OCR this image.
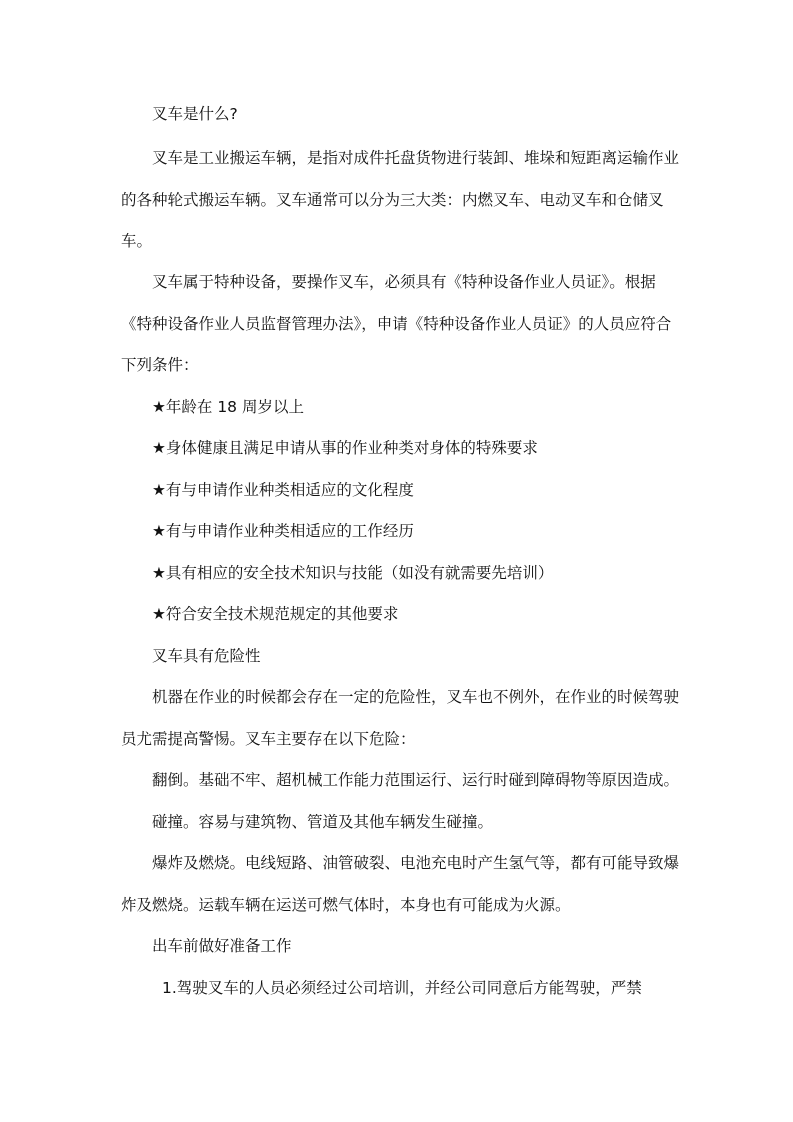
叉车是什么?

叉车是工业搬运车辆，是指对成件托盘货物进行装卸、堆垛和短距离运输作业的各种轮式搬运车辆。叉车通常可以分为三大类：内燃叉车、电动叉车和仓储叉车。

叉车属于特种设备，要操作叉车，必须具有《特种设备作业人员证》。根据《特种设备作业人员监督管理办法》，申请《特种设备作业人员证》的人员应符合下列条件：

★年龄在 18 周岁以上

★身体健康且满足申请从事的作业种类对身体的特殊要求

★有与申请作业种类相适应的文化程度

★有与申请作业种类相适应的工作经历

★具有相应的安全技术知识与技能（如没有就需要先培训）

★符合安全技术规范规定的其他要求

叉车具有危险性

机器在作业的时候都会存在一定的危险性，叉车也不例外，在作业的时候驾驶员尤需提高警惕。叉车主要存在以下危险：

翻倒。基础不牢、超机械工作能力范围运行、运行时碰到障碍物等原因造成。

碰撞。容易与建筑物、管道及其他车辆发生碰撞。

爆炸及燃烧。电线短路、油管破裂、电池充电时产生氢气等，都有可能导致爆炸及燃烧。运载车辆在运送可燃气体时，本身也有可能成为火源。

出车前做好准备工作

1.驾驶叉车的人员必须经过公司培训，并经公司同意后方能驾驶，严禁
